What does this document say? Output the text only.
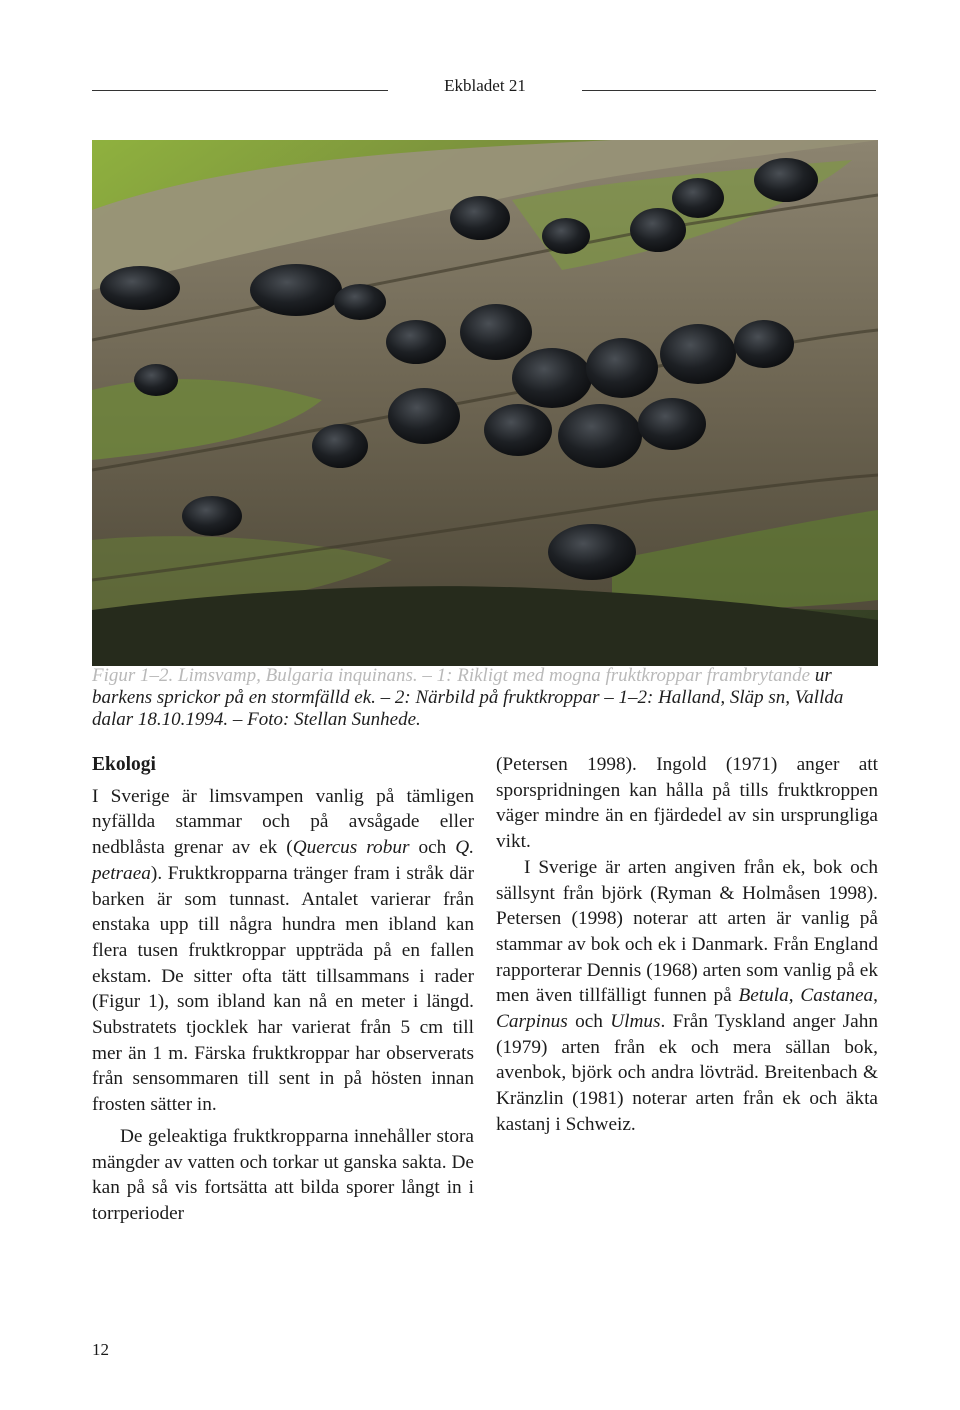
Ekbladet 21
Figur 1–2. Limsvamp, Bulgaria inquinans. – 1: Rikligt med mogna fruktkroppar frambrytande ur barkens sprickor på en stormfälld ek. – 2: Närbild på fruktkroppar – 1–2: Halland, Släp sn, Vallda dalar 18.10.1994. – Foto: Stellan Sunhede.
Ekologi

I Sverige är limsvampen vanlig på tämligen nyfällda stammar och på avsågade eller nedblåsta grenar av ek (Quercus robur och Q. petraea). Fruktkropparna tränger fram i stråk där barken är som tunnast. Antalet varierar från enstaka upp till några hundra men ibland kan flera tusen fruktkroppar uppträda på en fallen ekstam. De sitter ofta tätt tillsammans i rader (Figur 1), som ibland kan nå en meter i längd. Substratets tjocklek har varierat från 5 cm till mer än 1 m. Färska fruktkroppar har observerats från sensommaren till sent in på hösten innan frosten sätter in.

De geleaktiga fruktkropparna innehåller stora mängder av vatten och torkar ut ganska sakta. De kan på så vis fortsätta att bilda sporer långt in i torrperioder

(Petersen 1998). Ingold (1971) anger att sporspridningen kan hålla på tills fruktkroppen väger mindre än en fjärdedel av sin ursprungliga vikt.

I Sverige är arten angiven från ek, bok och sällsynt från björk (Ryman & Holmåsen 1998). Petersen (1998) noterar att arten är vanlig på stammar av bok och ek i Danmark. Från England rapporterar Dennis (1968) arten som vanlig på ek men även tillfälligt funnen på Betula, Castanea, Carpinus och Ulmus. Från Tyskland anger Jahn (1979) arten från ek och mera sällan bok, avenbok, björk och andra lövträd. Breitenbach & Kränzlin (1981) noterar arten från ek och äkta kastanj i Schweiz.

12
